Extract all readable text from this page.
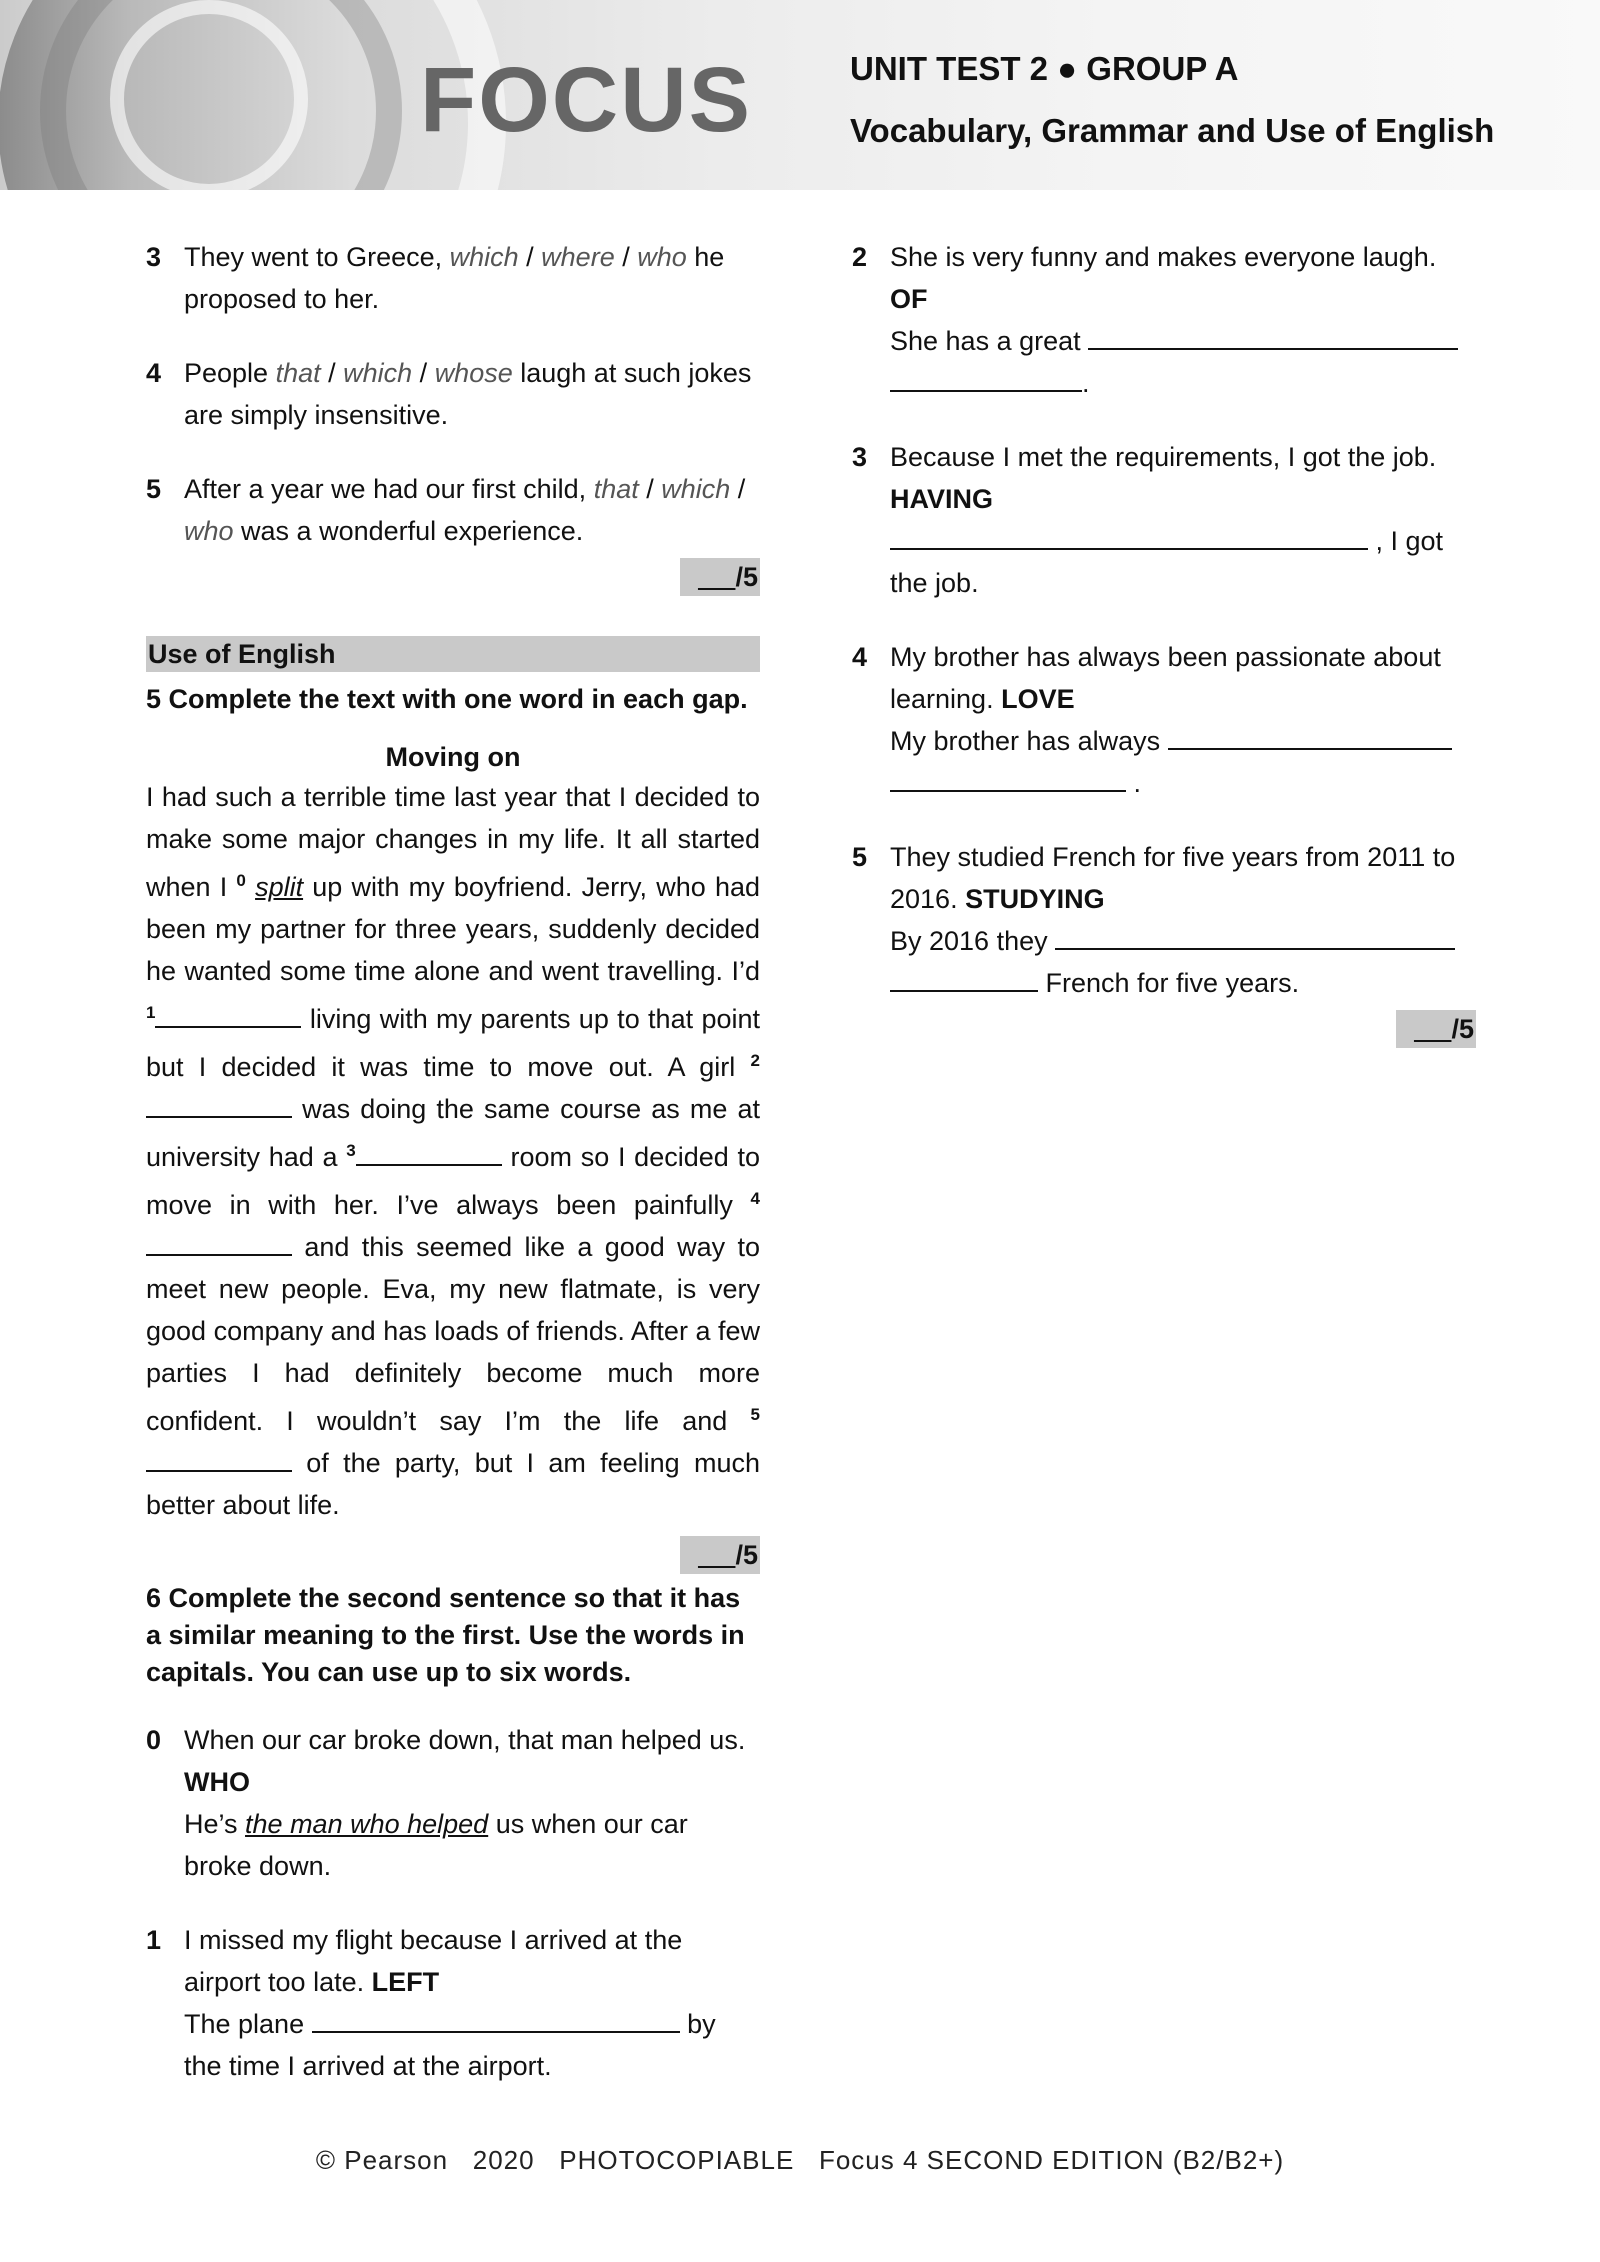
FOCUS	UNIT TEST 2 ● GROUP A
Vocabulary, Grammar and Use of English
3 They went to Greece, which / where / who he proposed to her.
4 People that / which / whose laugh at such jokes are simply insensitive.
5 After a year we had our first child, that / which / who was a wonderful experience.
/5
Use of English
5 Complete the text with one word in each gap.
Moving on
I had such a terrible time last year that I decided to make some major changes in my life. It all started when I $^0$ split up with my boyfriend. Jerry, who had been my partner for three years, suddenly decided he wanted some time alone and went travelling. I’d $^1$	living with my parents up to that point but I decided it was time to move out. A girl $^2$ was doing the same course as me at university had a $^3$	room so I decided to move in with her. I’ve always been painfully $^4$ and this seemed like a good way to meet new people. Eva, my new flatmate, is very good company and has loads of friends. After a few parties I had definitely become much more confident. I wouldn’t say I’m the life and $^5$ of the party, but I am feeling much better about life.
/5
6 Complete the second sentence so that it has a similar meaning to the first. Use the words in capitals. You can use up to six words.
0 When our car broke down, that man helped us.
WHO
He’s the man who helped us when our car broke down.
1 I missed my flight because I arrived at the airport too late. LEFT
The plane	by the time I arrived at the airport.
2 She is very funny and makes everyone laugh.
OF
She has a great
.
3 Because I met the requirements, I got the job.
HAVING
, I got the job.
4 My brother has always been passionate about learning. LOVE
My brother has always
.
5 They studied French for five years from 2011 to 2016. STUDYING
By 2016 they
French for five years.
/5
© Pearson   2020   PHOTOCOPIABLE   Focus 4 SECOND EDITION (B2/B2+)
